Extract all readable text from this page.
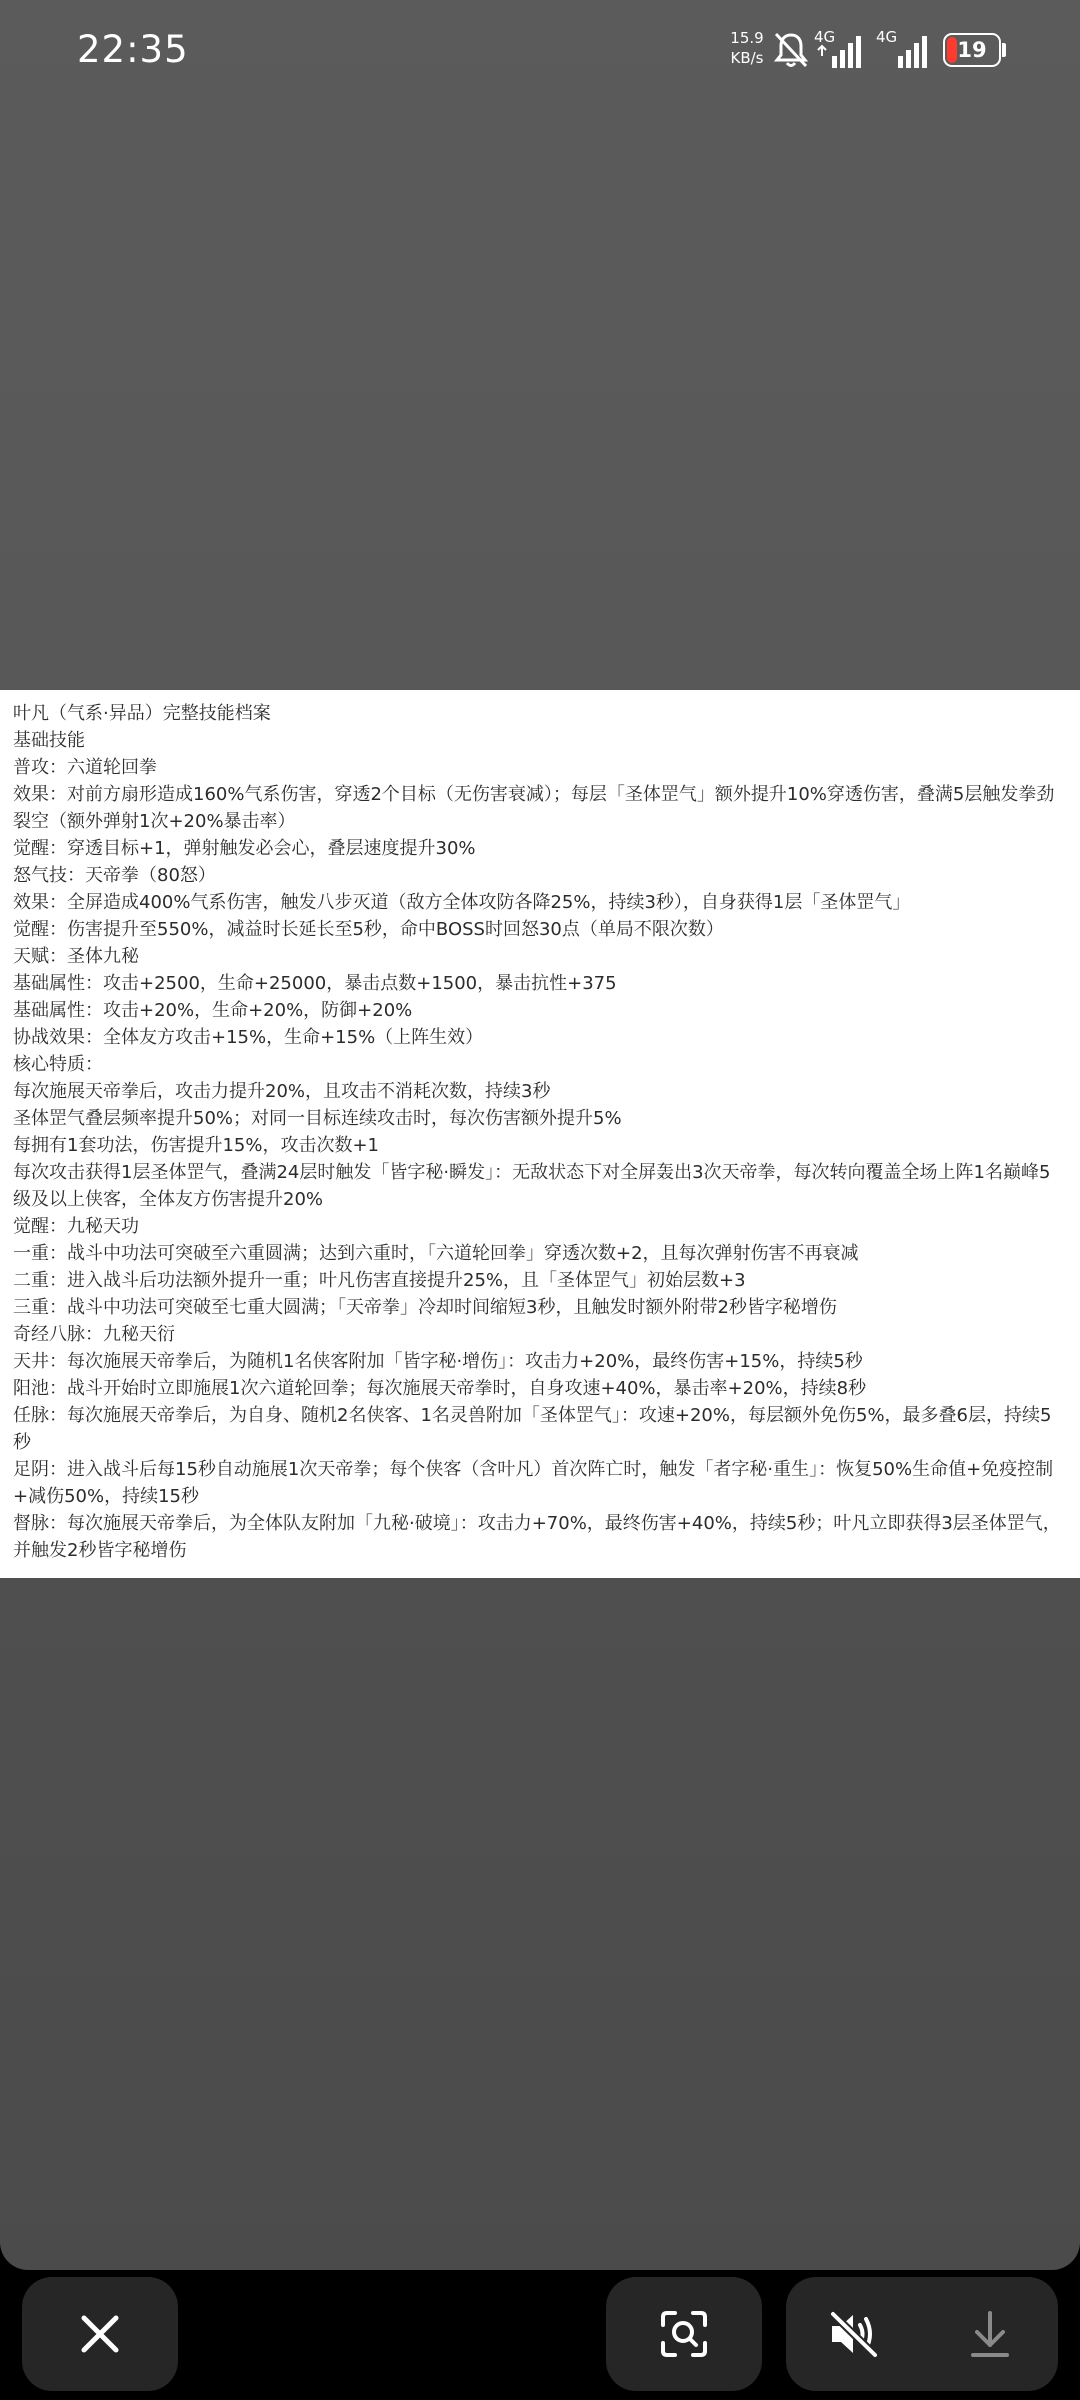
22:35	15.9
KB/s
4G	4G
19
叶凡（气系·异品）完整技能档案
基础技能
普攻：六道轮回拳
效果：对前方扇形造成160%气系伤害，穿透2个目标（无伤害衰减）；每层「圣体罡气」额外提升10%穿透伤害，叠满5层触发拳劲裂空（额外弹射1次+20%暴击率）
觉醒：穿透目标+1，弹射触发必会心，叠层速度提升30%
怒气技：天帝拳（80怒）
效果：全屏造成400%气系伤害，触发八步灭道（敌方全体攻防各降25%，持续3秒），自身获得1层「圣体罡气」
觉醒：伤害提升至550%，减益时长延长至5秒，命中BOSS时回怒30点（单局不限次数）
天赋：圣体九秘
基础属性：攻击+2500，生命+25000，暴击点数+1500，暴击抗性+375
基础属性：攻击+20%，生命+20%，防御+20%
协战效果：全体友方攻击+15%，生命+15%（上阵生效）
核心特质：
每次施展天帝拳后，攻击力提升20%，且攻击不消耗次数，持续3秒
圣体罡气叠层频率提升50%；对同一目标连续攻击时，每次伤害额外提升5%
每拥有1套功法，伤害提升15%，攻击次数+1
每次攻击获得1层圣体罡气，叠满24层时触发「皆字秘·瞬发」：无敌状态下对全屏轰出3次天帝拳，每次转向覆盖全场上阵1名巅峰5级及以上侠客，全体友方伤害提升20%
觉醒：九秘天功
一重：战斗中功法可突破至六重圆满；达到六重时，「六道轮回拳」穿透次数+2，且每次弹射伤害不再衰减
二重：进入战斗后功法额外提升一重；叶凡伤害直接提升25%，且「圣体罡气」初始层数+3
三重：战斗中功法可突破至七重大圆满；「天帝拳」冷却时间缩短3秒，且触发时额外附带2秒皆字秘增伤
奇经八脉：九秘天衍
天井：每次施展天帝拳后，为随机1名侠客附加「皆字秘·增伤」：攻击力+20%，最终伤害+15%，持续5秒
阳池：战斗开始时立即施展1次六道轮回拳；每次施展天帝拳时，自身攻速+40%，暴击率+20%，持续8秒
任脉：每次施展天帝拳后，为自身、随机2名侠客、1名灵兽附加「圣体罡气」：攻速+20%，每层额外免伤5%，最多叠6层，持续5秒
足阴：进入战斗后每15秒自动施展1次天帝拳；每个侠客（含叶凡）首次阵亡时，触发「者字秘·重生」：恢复50%生命值+免疫控制+减伤50%，持续15秒
督脉：每次施展天帝拳后，为全体队友附加「九秘·破境」：攻击力+70%，最终伤害+40%，持续5秒；叶凡立即获得3层圣体罡气，并触发2秒皆字秘增伤
